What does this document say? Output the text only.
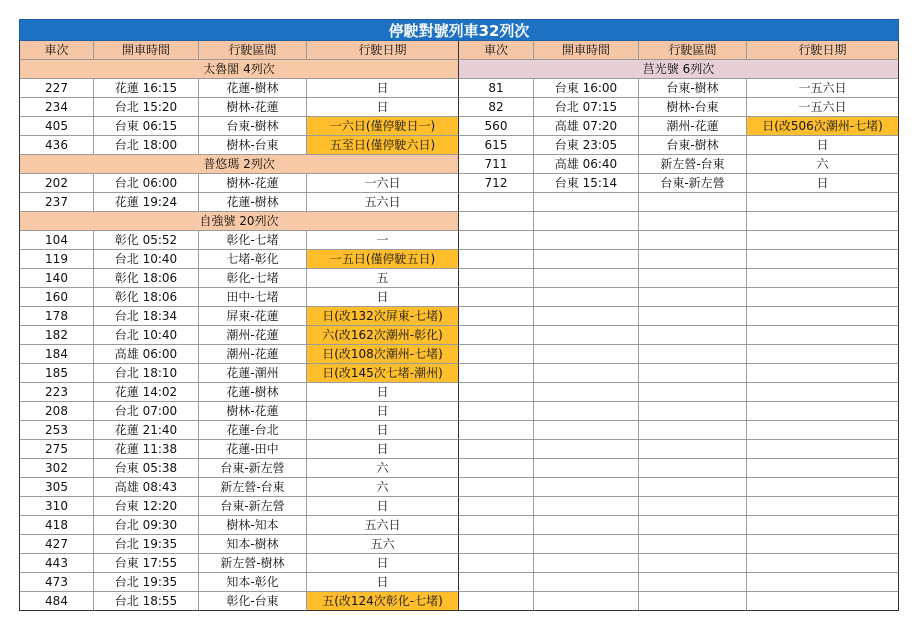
停駛對號列車32列次
車次	開車時間	行駛區間	行駛日期
太魯閣 4列次
227	花蓮 16:15	花蓮-樹林	日
234	台北 15:20	樹林-花蓮	日
405	台東 06:15	台東-樹林	一六日(僅停駛日一)
436	台北 18:00	樹林-台東	五至日(僅停駛六日)
普悠瑪 2列次
202	台北 06:00	樹林-花蓮	一六日
237	花蓮 19:24	花蓮-樹林	五六日
自強號 20列次
104	彰化 05:52	彰化-七堵	一
119	台北 10:40	七堵-彰化	一五日(僅停駛五日)
140	彰化 18:06	彰化-七堵	五
160	彰化 18:06	田中-七堵	日
178	台北 18:34	屏東-花蓮	日(改132次屏東-七堵)
182	台北 10:40	潮州-花蓮	六(改162次潮州-彰化)
184	高雄 06:00	潮州-花蓮	日(改108次潮州-七堵)
185	台北 18:10	花蓮-潮州	日(改145次七堵-潮州)
223	花蓮 14:02	花蓮-樹林	日
208	台北 07:00	樹林-花蓮	日
253	花蓮 21:40	花蓮-台北	日
275	花蓮 11:38	花蓮-田中	日
302	台東 05:38	台東-新左營	六
305	高雄 08:43	新左營-台東	六
310	台東 12:20	台東-新左營	日
418	台北 09:30	樹林-知本	五六日
427	台北 19:35	知本-樹林	五六
443	台東 17:55	新左營-樹林	日
473	台北 19:35	知本-彰化	日
484	台北 18:55	彰化-台東	五(改124次彰化-七堵)
車次	開車時間	行駛區間	行駛日期
莒光號 6列次
81	台東 16:00	台東-樹林	一五六日
82	台北 07:15	樹林-台東	一五六日
560	高雄 07:20	潮州-花蓮	日(改506次潮州-七堵)
615	台東 23:05	台東-樹林	日
711	高雄 06:40	新左營-台東	六
712	台東 15:14	台東-新左營	日
